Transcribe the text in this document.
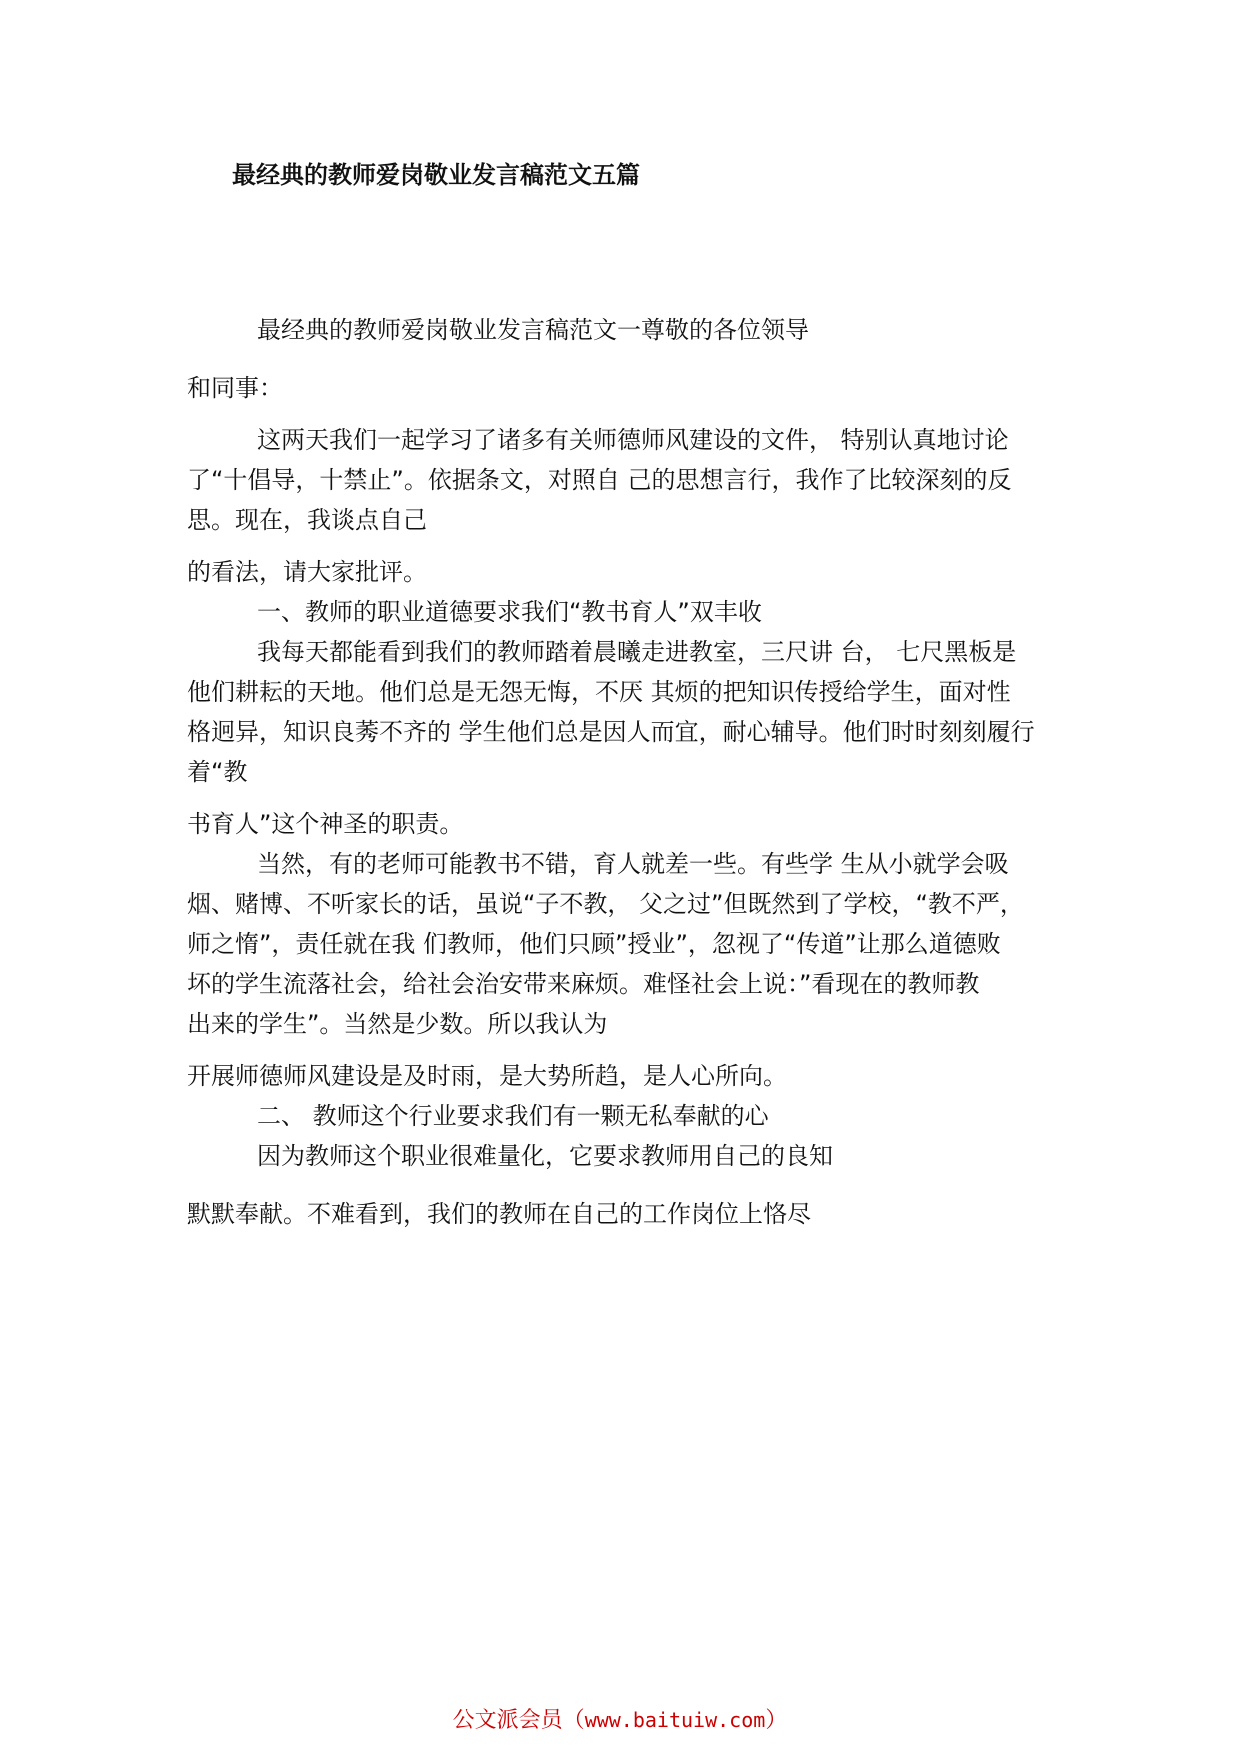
最经典的教师爱岗敬业发言稿范文五篇
最经典的教师爱岗敬业发言稿范文一尊敬的各位领导
和同事：
这两天我们一起学习了诸多有关师德师风建设的文件， 特别认真地讨论
了“十倡导，十禁止”。依据条文，对照自 己的思想言行，我作了比较深刻的反
思。现在，我谈点自己
的看法，请大家批评。
一、教师的职业道德要求我们“教书育人”双丰收
我每天都能看到我们的教师踏着晨曦走进教室，三尺讲 台， 七尺黑板是
他们耕耘的天地。他们总是无怨无悔，不厌 其烦的把知识传授给学生，面对性
格迥异，知识良莠不齐的 学生他们总是因人而宜，耐心辅导。他们时时刻刻履行
着“教
书育人”这个神圣的职责。
当然，有的老师可能教书不错，育人就差一些。有些学 生从小就学会吸
烟、赌博、不听家长的话，虽说“子不教， 父之过”但既然到了学校，“教不严，
师之惰”，责任就在我 们教师，他们只顾”授业”，忽视了“传道”让那么道德败
坏的学生流落社会，给社会治安带来麻烦。难怪社会上说：”看现在的教师教
出来的学生”。当然是少数。所以我认为
开展师德师风建设是及时雨，是大势所趋，是人心所向。
二、 教师这个行业要求我们有一颗无私奉献的心
因为教师这个职业很难量化，它要求教师用自己的良知
默默奉献。不难看到，我们的教师在自己的工作岗位上恪尽
公文派会员（www.baituiw.com）
